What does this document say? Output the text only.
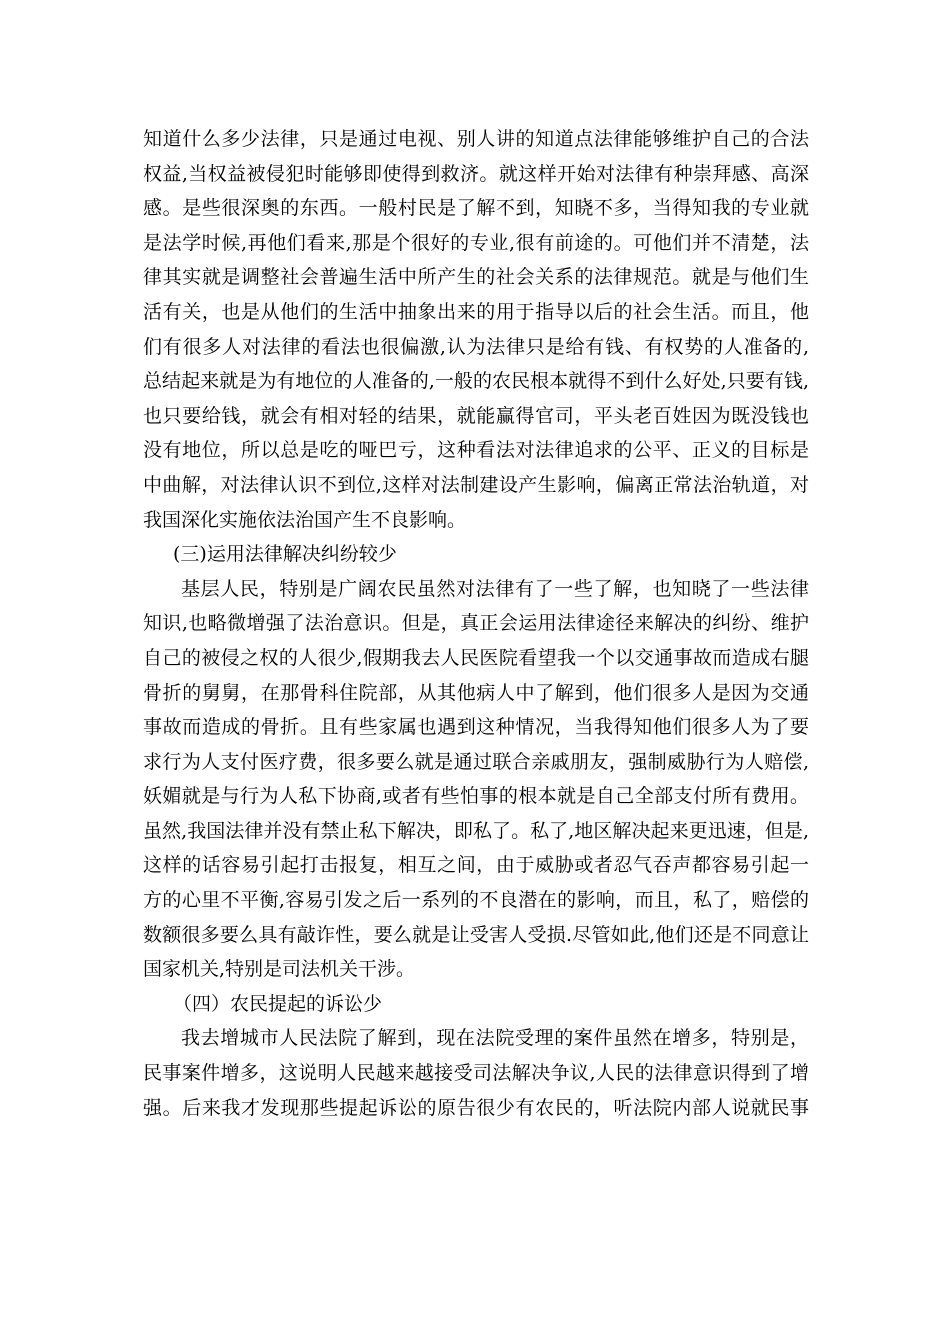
知道什么多少法律，只是通过电视、别人讲的知道点法律能够维护自己的合法
权益,当权益被侵犯时能够即使得到救济。就这样开始对法律有种崇拜感、高深
感。是些很深奥的东西。一般村民是了解不到，知晓不多，当得知我的专业就
是法学时候,再他们看来,那是个很好的专业,很有前途的。可他们并不清楚，法
律其实就是调整社会普遍生活中所产生的社会关系的法律规范。就是与他们生
活有关，也是从他们的生活中抽象出来的用于指导以后的社会生活。而且，他
们有很多人对法律的看法也很偏激,认为法律只是给有钱、有权势的人准备的,
总结起来就是为有地位的人准备的,一般的农民根本就得不到什么好处,只要有钱,
也只要给钱，就会有相对轻的结果，就能赢得官司，平头老百姓因为既没钱也
没有地位，所以总是吃的哑巴亏，这种看法对法律追求的公平、正义的目标是
中曲解，对法律认识不到位,这样对法制建设产生影响，偏离正常法治轨道，对
我国深化实施依法治国产生不良影响。
(三)运用法律解决纠纷较少
基层人民，特别是广阔农民虽然对法律有了一些了解，也知晓了一些法律
知识,也略微增强了法治意识。但是，真正会运用法律途径来解决的纠纷、维护
自己的被侵之权的人很少,假期我去人民医院看望我一个以交通事故而造成右腿
骨折的舅舅，在那骨科住院部，从其他病人中了解到，他们很多人是因为交通
事故而造成的骨折。且有些家属也遇到这种情况，当我得知他们很多人为了要
求行为人支付医疗费，很多要么就是通过联合亲戚朋友，强制威胁行为人赔偿,
妖媚就是与行为人私下协商,或者有些怕事的根本就是自己全部支付所有费用。
虽然,我国法律并没有禁止私下解决，即私了。私了,地区解决起来更迅速，但是,
这样的话容易引起打击报复，相互之间，由于威胁或者忍气吞声都容易引起一
方的心里不平衡,容易引发之后一系列的不良潜在的影响，而且，私了，赔偿的
数额很多要么具有敲诈性，要么就是让受害人受损.尽管如此,他们还是不同意让
国家机关,特别是司法机关干涉。
（四）农民提起的诉讼少
我去增城市人民法院了解到，现在法院受理的案件虽然在增多，特别是，
民事案件增多，这说明人民越来越接受司法解决争议,人民的法律意识得到了增
强。后来我才发现那些提起诉讼的原告很少有农民的，听法院内部人说就民事
